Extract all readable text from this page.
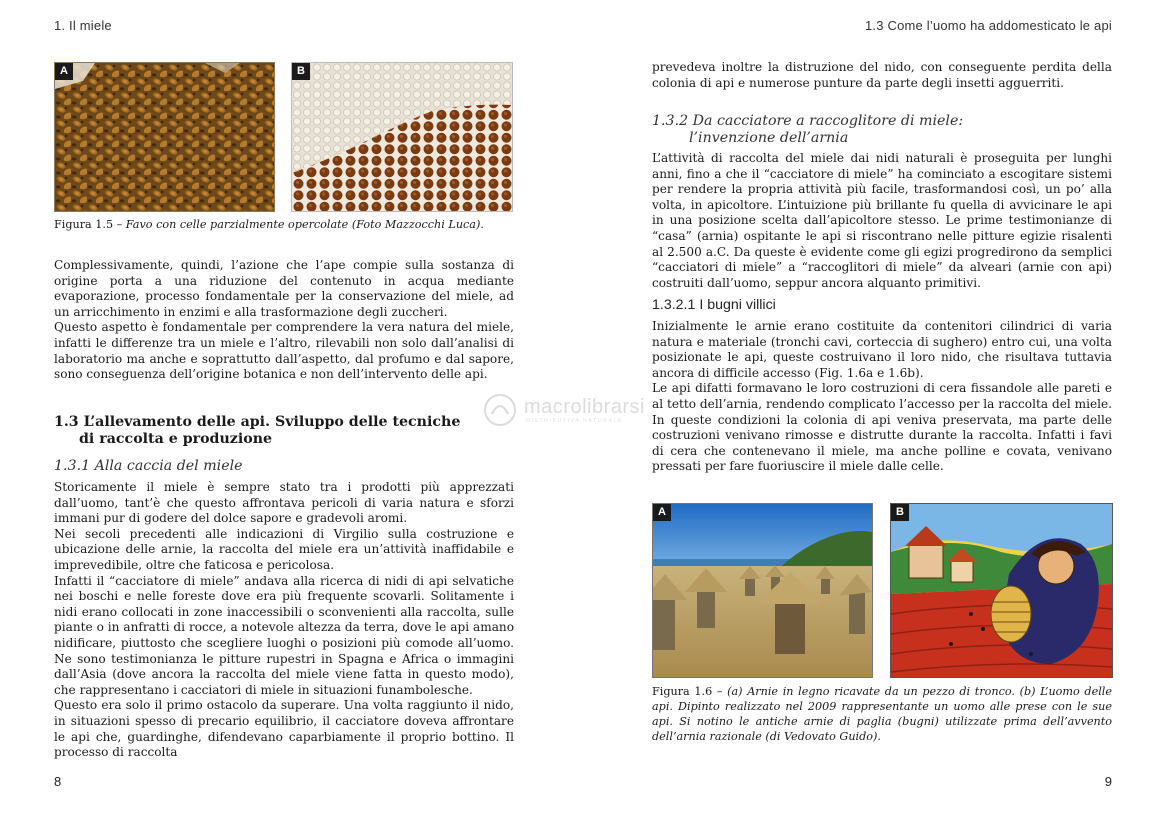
1. Il miele
A	B

Figura 1.5 – Favo con celle parzialmente opercolate (Foto Mazzocchi Luca).

Complessivamente, quindi, l’azione che l’ape compie sulla sostanza di origine porta a una riduzione del contenuto in acqua mediante evaporazione, processo fondamentale per la conservazione del miele, ad un arricchimento in enzimi e alla trasformazione degli zuccheri.

Questo aspetto è fondamentale per comprendere la vera natura del miele, infatti le differenze tra un miele e l’altro, rilevabili non solo dall’analisi di laboratorio ma anche e soprattutto dall’aspetto, dal profumo e dal sapore, sono conseguenza dell’origine botanica e non dell’intervento delle api.

1.3 L’allevamento delle api. Sviluppo delle tecniche
di raccolta e produzione
1.3.1 Alla caccia del miele

Storicamente il miele è sempre stato tra i prodotti più apprezzati dall’uomo, tant’è che questo affrontava pericoli di varia natura e sforzi immani pur di godere del dolce sapore e gradevoli aromi.

Nei secoli precedenti alle indicazioni di Virgilio sulla costruzione e ubicazione delle arnie, la raccolta del miele era un’attività inaffidabile e imprevedibile, oltre che faticosa e pericolosa.

Infatti il “cacciatore di miele” andava alla ricerca di nidi di api selvatiche nei boschi e nelle foreste dove era più frequente scovarli. Solitamente i nidi erano collocati in zone inaccessibili o sconvenienti alla raccolta, sulle piante o in anfratti di rocce, a notevole altezza da terra, dove le api amano nidificare, piuttosto che scegliere luoghi o posizioni più comode all’uomo. Ne sono testimonianza le pitture rupestri in Spagna e Africa o immagini dall’Asia (dove ancora la raccolta del miele viene fatta in questo modo), che rappresentano i cacciatori di miele in situazioni funambolesche.

Questo era solo il primo ostacolo da superare. Una volta raggiunto il nido, in situazioni spesso di precario equilibrio, il cacciatore doveva affrontare le api che, guardinghe, difendevano caparbiamente il proprio bottino. Il processo di raccolta

8
1.3 Come l’uomo ha addomesticato le api

prevedeva inoltre la distruzione del nido, con conseguente perdita della colonia di api e numerose punture da parte degli insetti agguerriti.

1.3.2 Da cacciatore a raccoglitore di miele:
l’invenzione dell’arnia

L’attività di raccolta del miele dai nidi naturali è proseguita per lunghi anni, fino a che il “cacciatore di miele” ha cominciato a escogitare sistemi per rendere la propria attività più facile, trasformandosi così, un po’ alla volta, in apicoltore. L’intuizione più brillante fu quella di avvicinare le api in una posizione scelta dall’apicoltore stesso. Le prime testimonianze di “casa” (arnia) ospitante le api si riscontrano nelle pitture egizie risalenti al 2.500 a.C. Da queste è evidente come gli egizi progredirono da semplici “cacciatori di miele” a “raccoglitori di miele” da alveari (arnie con api) costruiti dall’uomo, seppur ancora alquanto primitivi.

1.3.2.1 I bugni villici

Inizialmente le arnie erano costituite da contenitori cilindrici di varia natura e materiale (tronchi cavi, corteccia di sughero) entro cui, una volta posizionate le api, queste costruivano il loro nido, che risultava tuttavia ancora di difficile accesso (Fig. 1.6a e 1.6b).

Le api difatti formavano le loro costruzioni di cera fissandole alle pareti e al tetto dell’arnia, rendendo complicato l’accesso per la raccolta del miele. In queste condizioni la colonia di api veniva preservata, ma parte delle costruzioni venivano rimosse e distrutte durante la raccolta. Infatti i favi di cera che contenevano il miele, ma anche polline e covata, venivano pressati per fare fuoriuscire il miele dalle celle.

A	B

Figura 1.6 – (a) Arnie in legno ricavate da un pezzo di tronco. (b) L’uomo delle api. Dipinto realizzato nel 2009 rappresentante un uomo alle prese con le sue api. Si notino le antiche arnie di paglia (bugni) utilizzate prima dell’avvento dell’arnia razionale (di Vedovato Guido).

9
macrolibrarsi
DISTRIBUTIVA NATURALE
